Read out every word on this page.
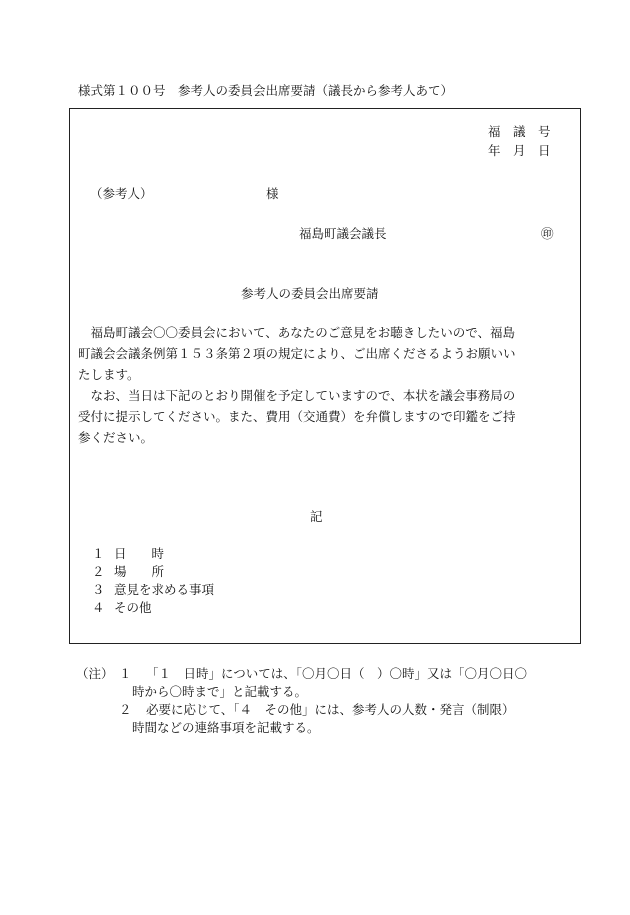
様式第１００号　参考人の委員会出席要請（議長から参考人あて）
福　議　号
年　月　日
（参考人）	様
福島町議会議長	㊞
参考人の委員会出席要請
　福島町議会〇〇委員会において、あなたのご意見をお聴きしたいので、福島
町議会会議条例第１５３条第２項の規定により、ご出席くださるようお願いい
たします。
　なお、当日は下記のとおり開催を予定していますので、本状を議会事務局の
受付に提示してください。また、費用（交通費）を弁償しますので印鑑をご持
参ください。
記
１ 日　　時
２ 場　　所
３ 意見を求める事項
４ その他
（注） １ 「１　日時」については、「〇月〇日（　）〇時」又は「〇月〇日〇
時から〇時まで」と記載する。
２ 必要に応じて、「４　その他」には、参考人の人数・発言（制限）
時間などの連絡事項を記載する。
